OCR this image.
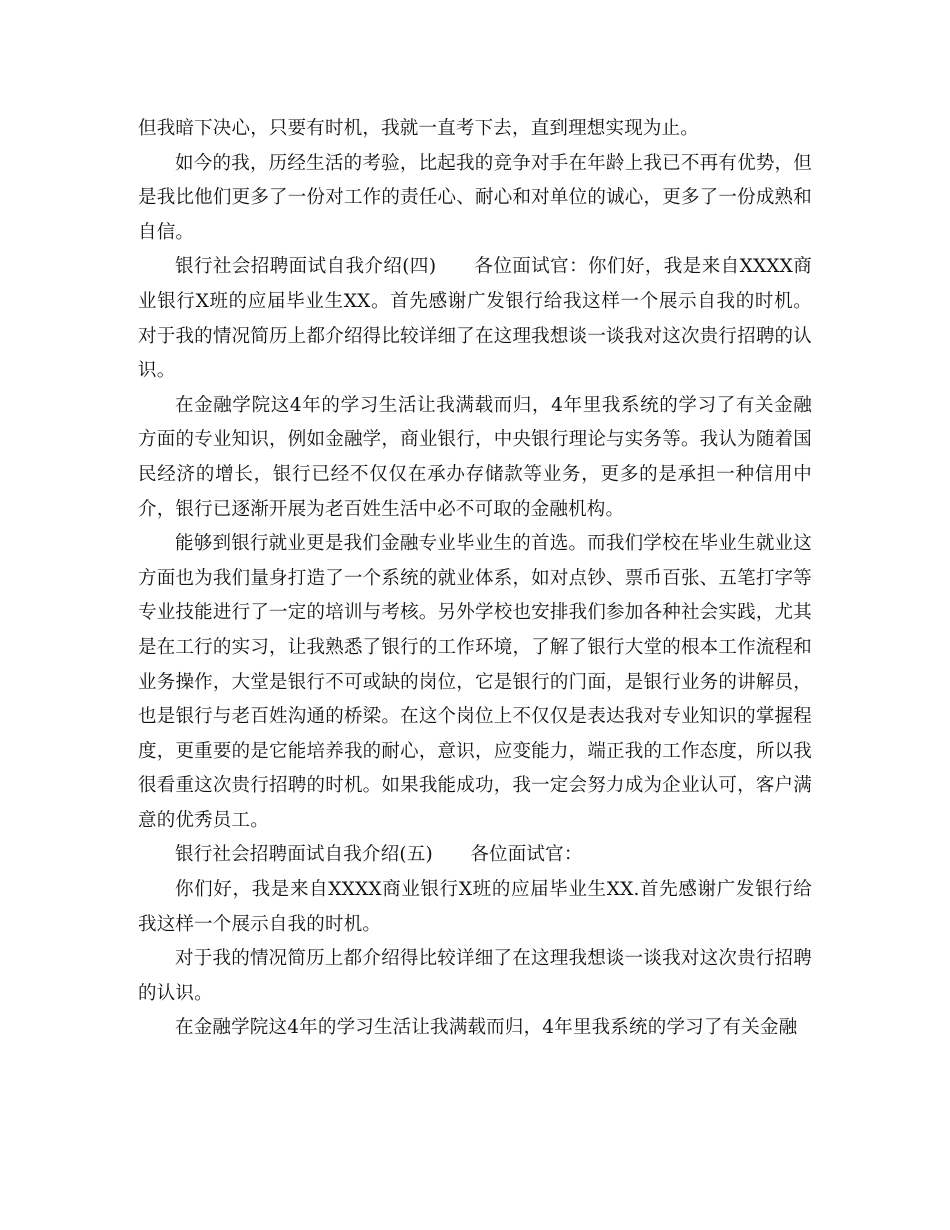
但我暗下决心，只要有时机，我就一直考下去，直到理想实现为止。

如今的我，历经生活的考验，比起我的竞争对手在年龄上我已不再有优势，但是我比他们更多了一份对工作的责任心、耐心和对单位的诚心，更多了一份成熟和自信。

银行社会招聘面试自我介绍(四)　　各位面试官：你们好，我是来自XXXX商业银行X班的应届毕业生XX。首先感谢广发银行给我这样一个展示自我的时机。对于我的情况简历上都介绍得比较详细了在这理我想谈一谈我对这次贵行招聘的认识。

在金融学院这4年的学习生活让我满载而归，4年里我系统的学习了有关金融方面的专业知识，例如金融学，商业银行，中央银行理论与实务等。我认为随着国民经济的增长，银行已经不仅仅在承办存储款等业务，更多的是承担一种信用中介，银行已逐渐开展为老百姓生活中必不可取的金融机构。

能够到银行就业更是我们金融专业毕业生的首选。而我们学校在毕业生就业这方面也为我们量身打造了一个系统的就业体系，如对点钞、票币百张、五笔打字等专业技能进行了一定的培训与考核。另外学校也安排我们参加各种社会实践，尤其是在工行的实习，让我熟悉了银行的工作环境，了解了银行大堂的根本工作流程和业务操作，大堂是银行不可或缺的岗位，它是银行的门面，是银行业务的讲解员，也是银行与老百姓沟通的桥梁。在这个岗位上不仅仅是表达我对专业知识的掌握程度，更重要的是它能培养我的耐心，意识，应变能力，端正我的工作态度，所以我很看重这次贵行招聘的时机。如果我能成功，我一定会努力成为企业认可，客户满意的优秀员工。

银行社会招聘面试自我介绍(五)　　各位面试官：

你们好，我是来自XXXX商业银行X班的应届毕业生XX.首先感谢广发银行给我这样一个展示自我的时机。

对于我的情况简历上都介绍得比较详细了在这理我想谈一谈我对这次贵行招聘的认识。

在金融学院这4年的学习生活让我满载而归，4年里我系统的学习了有关金融
